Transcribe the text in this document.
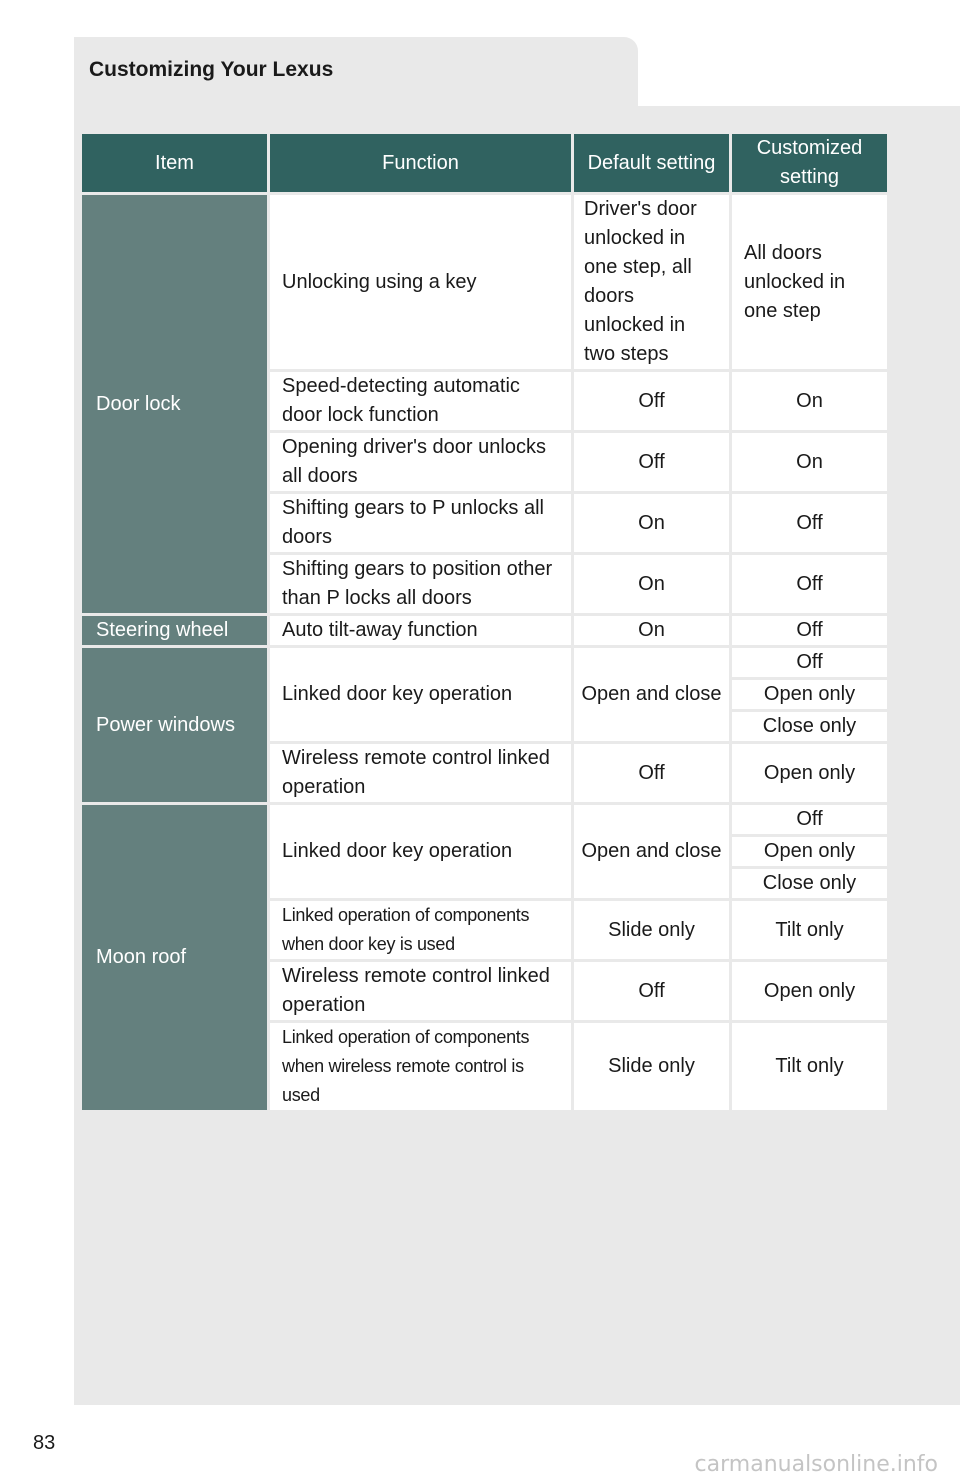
Customizing Your Lexus
Item	Function	Default setting	Customized setting
Door lock	Unlocking using a key	Driver's door unlocked in one step, all doors unlocked in two steps	All doors unlocked in one step
	Speed-detecting automatic door lock function	Off	On
	Opening driver's door unlocks all doors	Off	On
	Shifting gears to P unlocks all doors	On	Off
	Shifting gears to position other than P locks all doors	On	Off
Steering wheel	Auto tilt-away function	On	Off
Power windows	Linked door key operation	Open and close	Off
			Open only
			Close only
	Wireless remote control linked operation	Off	Open only
Moon roof	Linked door key operation	Open and close	Off
			Open only
			Close only
	Linked operation of components when door key is used	Slide only	Tilt only
	Wireless remote control linked operation	Off	Open only
	Linked operation of components when wireless remote control is used	Slide only	Tilt only
83
carmanualsonline.info
